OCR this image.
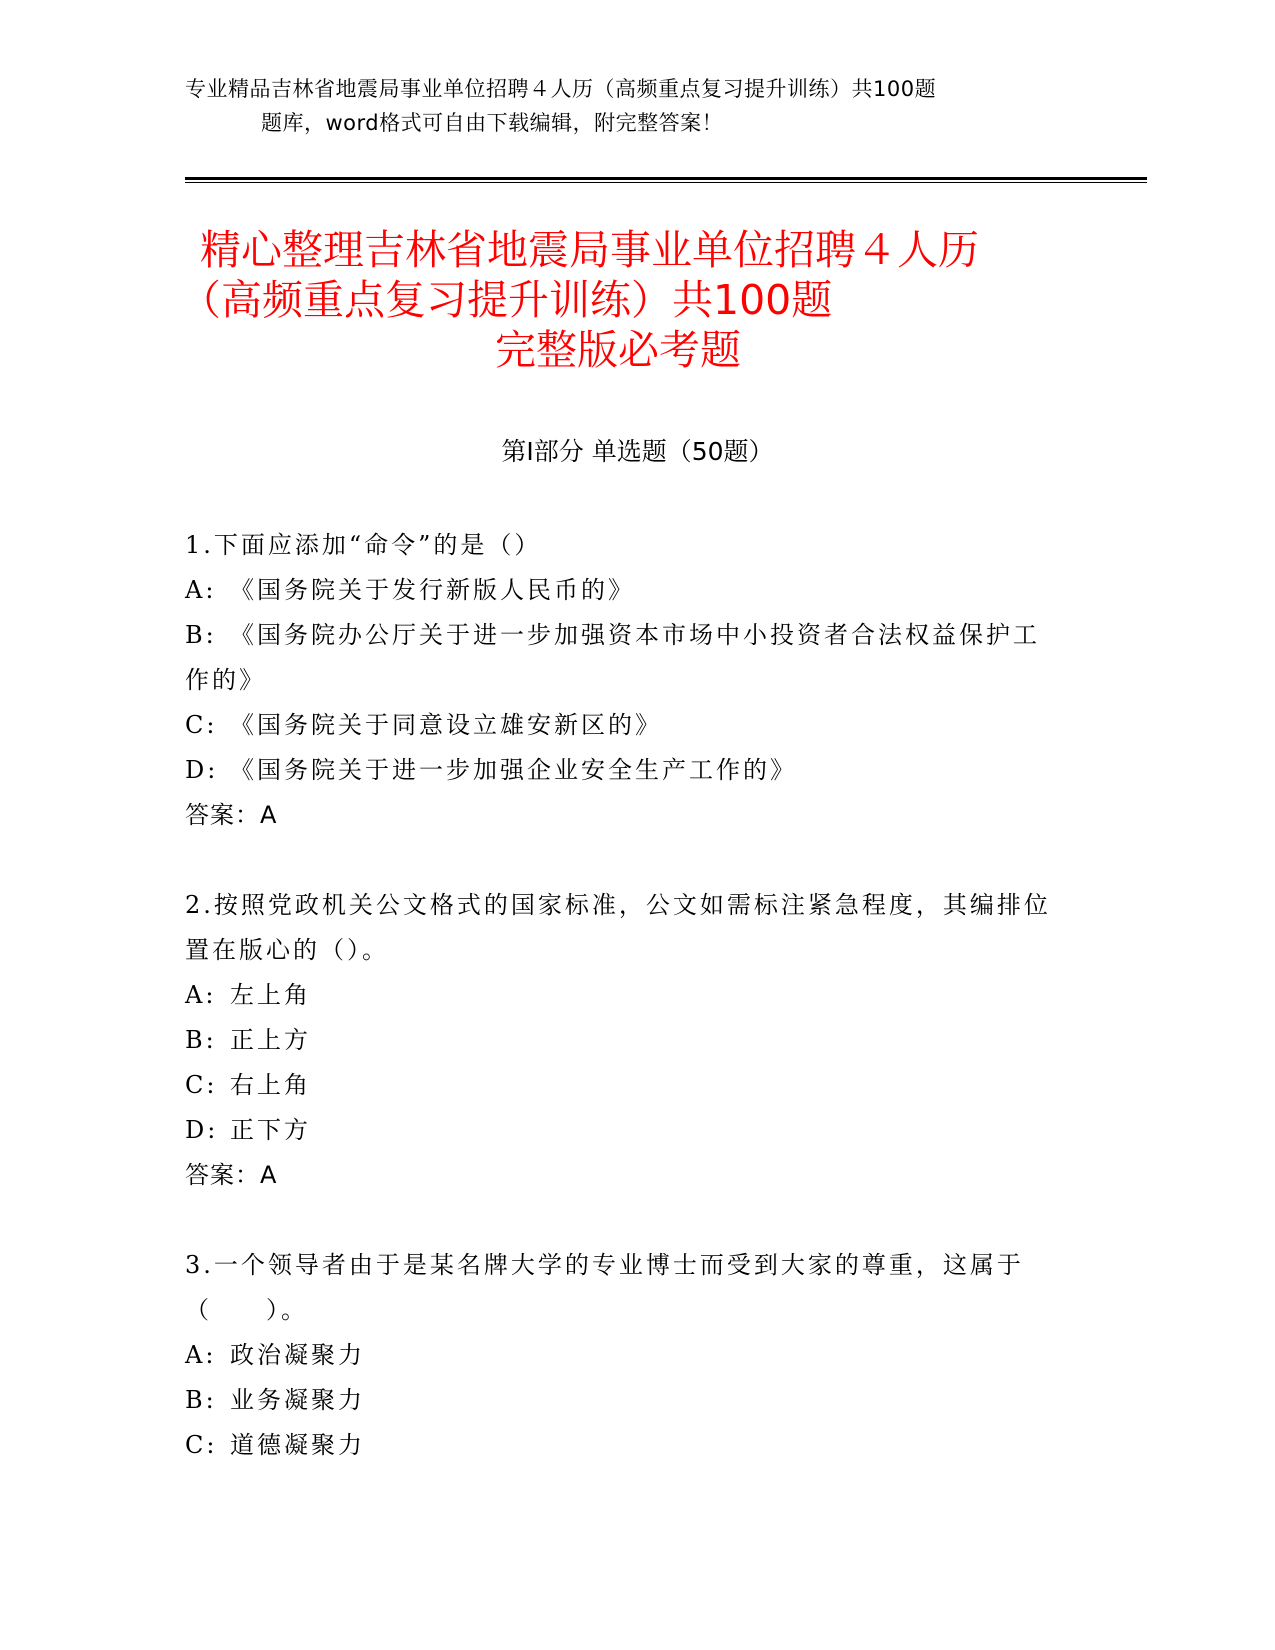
专业精品吉林省地震局事业单位招聘４人历（高频重点复习提升训练）共100题
题库，word格式可自由下载编辑，附完整答案！
精心整理吉林省地震局事业单位招聘４人历
（高频重点复习提升训练）共100题
完整版必考题
第Ⅰ部分 单选题（50题）
1.下面应添加“命令”的是（）
A: 《国务院关于发行新版人民币的》
B: 《国务院办公厅关于进一步加强资本市场中小投资者合法权益保护工作的》
C: 《国务院关于同意设立雄安新区的》
D: 《国务院关于进一步加强企业安全生产工作的》
答案：A
2.按照党政机关公文格式的国家标准，公文如需标注紧急程度，其编排位置在版心的（）。
A: 左上角
B: 正上方
C: 右上角
D: 正下方
答案：A
3.一个领导者由于是某名牌大学的专业博士而受到大家的尊重，这属于（　　）。
A: 政治凝聚力
B: 业务凝聚力
C: 道德凝聚力
